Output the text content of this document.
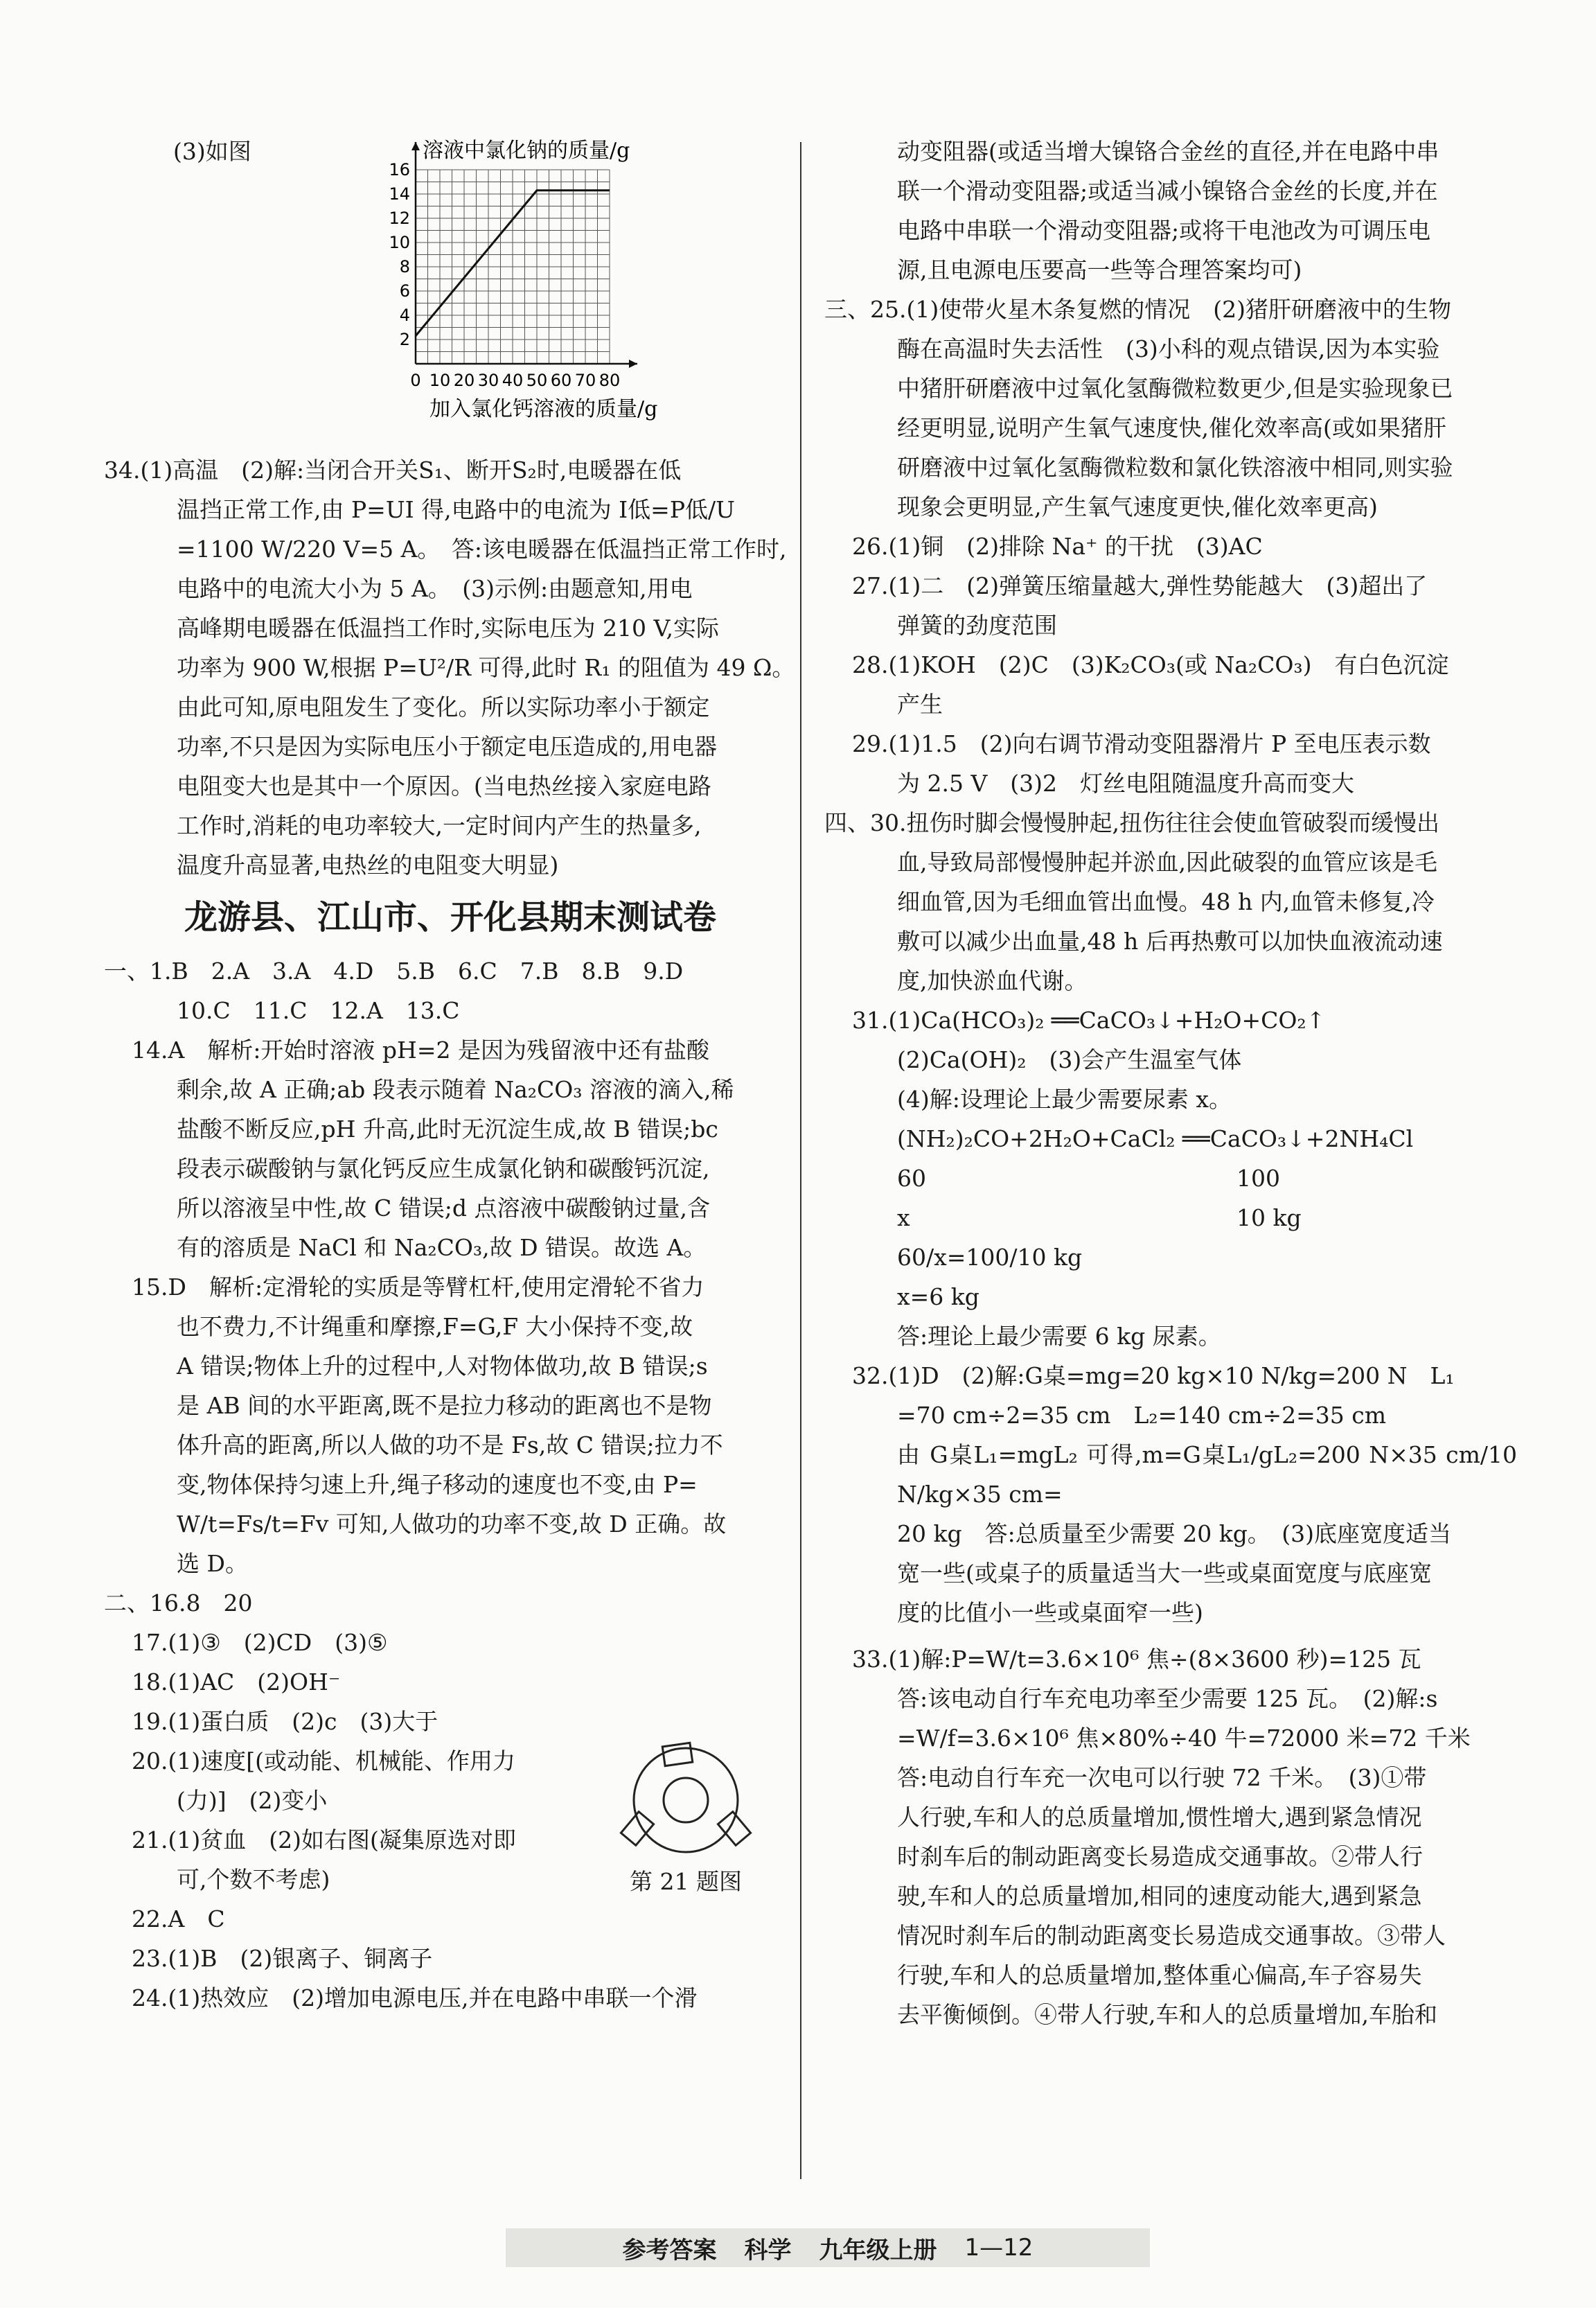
(3)如图
0 10 20 30 40 50 60 70 80
2
4
6
8
10
12
14
16
溶液中氯化钠的质量/g
加入氯化钙溶液的质量/g

34.(1)高温　(2)解:当闭合开关S₁、断开S₂时,电暖器在低

温挡正常工作,由 P=UI 得,电路中的电流为 I低=P低/U

=1100 W/220 V=5 A。　答:该电暖器在低温挡正常工作时,

电路中的电流大小为 5 A。　(3)示例:由题意知,用电

高峰期电暖器在低温挡工作时,实际电压为 210 V,实际

功率为 900 W,根据 P=U²/R 可得,此时 R₁ 的阻值为 49 Ω。

由此可知,原电阻发生了变化。所以实际功率小于额定

功率,不只是因为实际电压小于额定电压造成的,用电器

电阻变大也是其中一个原因。(当电热丝接入家庭电路

工作时,消耗的电功率较大,一定时间内产生的热量多,

温度升高显著,电热丝的电阻变大明显)

龙游县、江山市、开化县期末测试卷

一、1.B　2.A　3.A　4.D　5.B　6.C　7.B　8.B　9.D

10.C　11.C　12.A　13.C

14.A　解析:开始时溶液 pH=2 是因为残留液中还有盐酸

剩余,故 A 正确;ab 段表示随着 Na₂CO₃ 溶液的滴入,稀

盐酸不断反应,pH 升高,此时无沉淀生成,故 B 错误;bc

段表示碳酸钠与氯化钙反应生成氯化钠和碳酸钙沉淀,

所以溶液呈中性,故 C 错误;d 点溶液中碳酸钠过量,含

有的溶质是 NaCl 和 Na₂CO₃,故 D 错误。故选 A。

15.D　解析:定滑轮的实质是等臂杠杆,使用定滑轮不省力

也不费力,不计绳重和摩擦,F=G,F 大小保持不变,故

A 错误;物体上升的过程中,人对物体做功,故 B 错误;s

是 AB 间的水平距离,既不是拉力移动的距离也不是物

体升高的距离,所以人做的功不是 Fs,故 C 错误;拉力不

变,物体保持匀速上升,绳子移动的速度也不变,由 P=

W/t=Fs/t=Fv 可知,人做功的功率不变,故 D 正确。故

选 D。

二、16.8　20

17.(1)③　(2)CD　(3)⑤

18.(1)AC　(2)OH⁻

19.(1)蛋白质　(2)c　(3)大于

20.(1)速度[(或动能、机械能、作用力

(力)]　(2)变小

21.(1)贫血　(2)如右图(凝集原选对即

可,个数不考虑)

22.A　C

第 21 题图

23.(1)B　(2)银离子、铜离子

24.(1)热效应　(2)增加电源电压,并在电路中串联一个滑

动变阻器(或适当增大镍铬合金丝的直径,并在电路中串

联一个滑动变阻器;或适当减小镍铬合金丝的长度,并在

电路中串联一个滑动变阻器;或将干电池改为可调压电

源,且电源电压要高一些等合理答案均可)

三、25.(1)使带火星木条复燃的情况　(2)猪肝研磨液中的生物

酶在高温时失去活性　(3)小科的观点错误,因为本实验

中猪肝研磨液中过氧化氢酶微粒数更少,但是实验现象已

经更明显,说明产生氧气速度快,催化效率高(或如果猪肝

研磨液中过氧化氢酶微粒数和氯化铁溶液中相同,则实验

现象会更明显,产生氧气速度更快,催化效率更高)

26.(1)铜　(2)排除 Na⁺ 的干扰　(3)AC

27.(1)二　(2)弹簧压缩量越大,弹性势能越大　(3)超出了

弹簧的劲度范围

28.(1)KOH　(2)C　(3)K₂CO₃(或 Na₂CO₃)　有白色沉淀

产生

29.(1)1.5　(2)向右调节滑动变阻器滑片 P 至电压表示数

为 2.5 V　(3)2　灯丝电阻随温度升高而变大

四、30.扭伤时脚会慢慢肿起,扭伤往往会使血管破裂而缓慢出

血,导致局部慢慢肿起并淤血,因此破裂的血管应该是毛

细血管,因为毛细血管出血慢。48 h 内,血管未修复,冷

敷可以减少出血量,48 h 后再热敷可以加快血液流动速

度,加快淤血代谢。

31.(1)Ca(HCO₃)₂ ══CaCO₃↓+H₂O+CO₂↑

(2)Ca(OH)₂　(3)会产生温室气体

(4)解:设理论上最少需要尿素 x。

(NH₂)₂CO+2H₂O+CaCl₂ ══CaCO₃↓+2NH₄Cl

60	100
x	10 kg

60/x=100/10 kg

x=6 kg

答:理论上最少需要 6 kg 尿素。

32.(1)D　(2)解:G桌=mg=20 kg×10 N/kg=200 N　L₁

=70 cm÷2=35 cm　L₂=140 cm÷2=35 cm

由 G桌L₁=mgL₂ 可得,m=G桌L₁/gL₂=200 N×35 cm/10 N/kg×35 cm=

20 kg　答:总质量至少需要 20 kg。　(3)底座宽度适当

宽一些(或桌子的质量适当大一些或桌面宽度与底座宽

度的比值小一些或桌面窄一些)

33.(1)解:P=W/t=3.6×10⁶ 焦÷(8×3600 秒)=125 瓦

答:该电动自行车充电功率至少需要 125 瓦。　(2)解:s

=W/f=3.6×10⁶ 焦×80%÷40 牛=72000 米=72 千米

答:电动自行车充一次电可以行驶 72 千米。　(3)①带

人行驶,车和人的总质量增加,惯性增大,遇到紧急情况

时刹车后的制动距离变长易造成交通事故。②带人行

驶,车和人的总质量增加,相同的速度动能大,遇到紧急

情况时刹车后的制动距离变长易造成交通事故。③带人

行驶,车和人的总质量增加,整体重心偏高,车子容易失

去平衡倾倒。④带人行驶,车和人的总质量增加,车胎和

参考答案 科学 九年级上册 1—12
